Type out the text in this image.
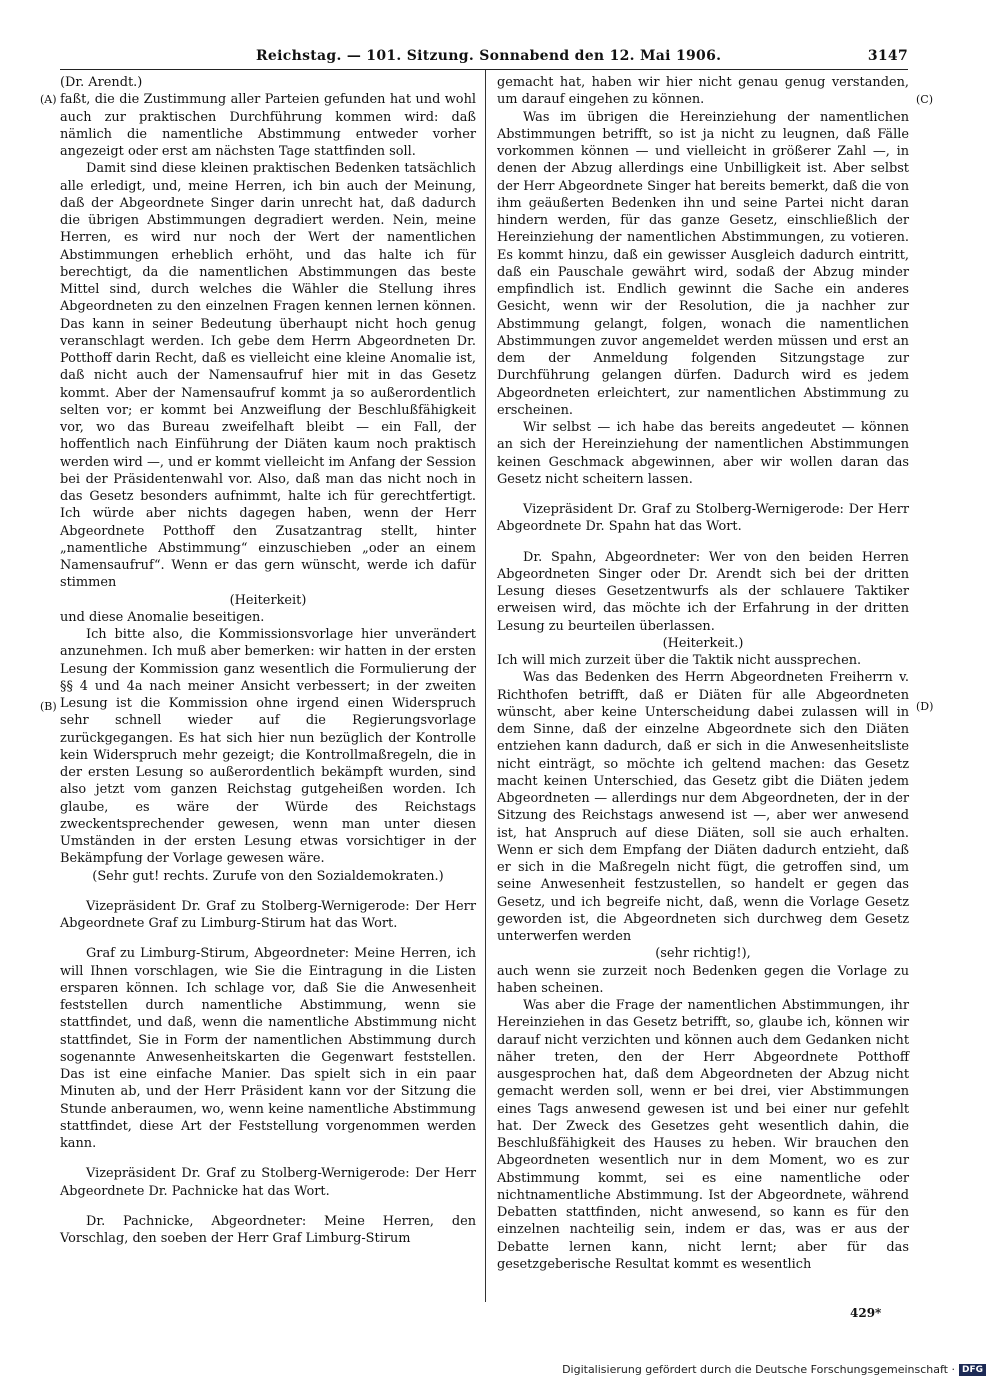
Reichstag. — 101. Sitzung. Sonnabend den 12. Mai 1906.	3147
(A)
(B)
(C)
(D)

(Dr. Arendt.)

faßt, die die Zustimmung aller Parteien gefunden hat und wohl auch zur praktischen Durchführung kommen wird: daß nämlich die namentliche Abstimmung entweder vorher angezeigt oder erst am nächsten Tage stattfinden soll.

Damit sind diese kleinen praktischen Bedenken tatsächlich alle erledigt, und, meine Herren, ich bin auch der Meinung, daß der Abgeordnete Singer darin unrecht hat, daß dadurch die übrigen Abstimmungen degradiert werden. Nein, meine Herren, es wird nur noch der Wert der namentlichen Abstimmungen erheblich erhöht, und das halte ich für berechtigt, da die namentlichen Abstimmungen das beste Mittel sind, durch welches die Wähler die Stellung ihres Abgeordneten zu den einzelnen Fragen kennen lernen können. Das kann in seiner Bedeutung überhaupt nicht hoch genug veranschlagt werden. Ich gebe dem Herrn Abgeordneten Dr. Potthoff darin Recht, daß es vielleicht eine kleine Anomalie ist, daß nicht auch der Namensaufruf hier mit in das Gesetz kommt. Aber der Namensaufruf kommt ja so außerordentlich selten vor; er kommt bei Anzweiflung der Beschlußfähigkeit vor, wo das Bureau zweifelhaft bleibt — ein Fall, der hoffentlich nach Einführung der Diäten kaum noch praktisch werden wird —, und er kommt vielleicht im Anfang der Session bei der Präsidentenwahl vor. Also, daß man das nicht noch in das Gesetz besonders aufnimmt, halte ich für gerechtfertigt. Ich würde aber nichts dagegen haben, wenn der Herr Abgeordnete Potthoff den Zusatzantrag stellt, hinter „namentliche Abstimmung“ einzuschieben „oder an einem Namensaufruf“. Wenn er das gern wünscht, werde ich dafür stimmen

(Heiterkeit)

und diese Anomalie beseitigen.

Ich bitte also, die Kommissionsvorlage hier unverändert anzunehmen. Ich muß aber bemerken: wir hatten in der ersten Lesung der Kommission ganz wesentlich die Formulierung der §§ 4 und 4a nach meiner Ansicht verbessert; in der zweiten Lesung ist die Kommission ohne irgend einen Widerspruch sehr schnell wieder auf die Regierungsvorlage zurückgegangen. Es hat sich hier nun bezüglich der Kontrolle kein Widerspruch mehr gezeigt; die Kontrollmaßregeln, die in der ersten Lesung so außerordentlich bekämpft wurden, sind also jetzt vom ganzen Reichstag gutgeheißen worden. Ich glaube, es wäre der Würde des Reichstags zweckentsprechender gewesen, wenn man unter diesen Umständen in der ersten Lesung etwas vorsichtiger in der Bekämpfung der Vorlage gewesen wäre.

(Sehr gut! rechts. Zurufe von den Sozialdemokraten.)

Vizepräsident Dr. Graf zu Stolberg-Wernigerode: Der Herr Abgeordnete Graf zu Limburg-Stirum hat das Wort.

Graf zu Limburg-Stirum, Abgeordneter: Meine Herren, ich will Ihnen vorschlagen, wie Sie die Eintragung in die Listen ersparen können. Ich schlage vor, daß Sie die Anwesenheit feststellen durch namentliche Abstimmung, wenn sie stattfindet, und daß, wenn die namentliche Abstimmung nicht stattfindet, Sie in Form der namentlichen Abstimmung durch sogenannte Anwesenheitskarten die Gegenwart feststellen. Das ist eine einfache Manier. Das spielt sich in ein paar Minuten ab, und der Herr Präsident kann vor der Sitzung die Stunde anberaumen, wo, wenn keine namentliche Abstimmung stattfindet, diese Art der Feststellung vorgenommen werden kann.

Vizepräsident Dr. Graf zu Stolberg-Wernigerode: Der Herr Abgeordnete Dr. Pachnicke hat das Wort.

Dr. Pachnicke, Abgeordneter: Meine Herren, den Vorschlag, den soeben der Herr Graf Limburg-Stirum

gemacht hat, haben wir hier nicht genau genug verstanden, um darauf eingehen zu können.

Was im übrigen die Hereinziehung der namentlichen Abstimmungen betrifft, so ist ja nicht zu leugnen, daß Fälle vorkommen können — und vielleicht in größerer Zahl —, in denen der Abzug allerdings eine Unbilligkeit ist. Aber selbst der Herr Abgeordnete Singer hat bereits bemerkt, daß die von ihm geäußerten Bedenken ihn und seine Partei nicht daran hindern werden, für das ganze Gesetz, einschließlich der Hereinziehung der namentlichen Abstimmungen, zu votieren. Es kommt hinzu, daß ein gewisser Ausgleich dadurch eintritt, daß ein Pauschale gewährt wird, sodaß der Abzug minder empfindlich ist. Endlich gewinnt die Sache ein anderes Gesicht, wenn wir der Resolution, die ja nachher zur Abstimmung gelangt, folgen, wonach die namentlichen Abstimmungen zuvor angemeldet werden müssen und erst an dem der Anmeldung folgenden Sitzungstage zur Durchführung gelangen dürfen. Dadurch wird es jedem Abgeordneten erleichtert, zur namentlichen Abstimmung zu erscheinen.

Wir selbst — ich habe das bereits angedeutet — können an sich der Hereinziehung der namentlichen Abstimmungen keinen Geschmack abgewinnen, aber wir wollen daran das Gesetz nicht scheitern lassen.

Vizepräsident Dr. Graf zu Stolberg-Wernigerode: Der Herr Abgeordnete Dr. Spahn hat das Wort.

Dr. Spahn, Abgeordneter: Wer von den beiden Herren Abgeordneten Singer oder Dr. Arendt sich bei der dritten Lesung dieses Gesetzentwurfs als der schlauere Taktiker erweisen wird, das möchte ich der Erfahrung in der dritten Lesung zu beurteilen überlassen.

(Heiterkeit.)

Ich will mich zurzeit über die Taktik nicht aussprechen.

Was das Bedenken des Herrn Abgeordneten Freiherrn v. Richthofen betrifft, daß er Diäten für alle Abgeordneten wünscht, aber keine Unterscheidung dabei zulassen will in dem Sinne, daß der einzelne Abgeordnete sich den Diäten entziehen kann dadurch, daß er sich in die Anwesenheitsliste nicht einträgt, so möchte ich geltend machen: das Gesetz macht keinen Unterschied, das Gesetz gibt die Diäten jedem Abgeordneten — allerdings nur dem Abgeordneten, der in der Sitzung des Reichstags anwesend ist —, aber wer anwesend ist, hat Anspruch auf diese Diäten, soll sie auch erhalten. Wenn er sich dem Empfang der Diäten dadurch entzieht, daß er sich in die Maßregeln nicht fügt, die getroffen sind, um seine Anwesenheit festzustellen, so handelt er gegen das Gesetz, und ich begreife nicht, daß, wenn die Vorlage Gesetz geworden ist, die Abgeordneten sich durchweg dem Gesetz unterwerfen werden

(sehr richtig!),

auch wenn sie zurzeit noch Bedenken gegen die Vorlage zu haben scheinen.

Was aber die Frage der namentlichen Abstimmungen, ihr Hereinziehen in das Gesetz betrifft, so, glaube ich, können wir darauf nicht verzichten und können auch dem Gedanken nicht näher treten, den der Herr Abgeordnete Potthoff ausgesprochen hat, daß dem Abgeordneten der Abzug nicht gemacht werden soll, wenn er bei drei, vier Abstimmungen eines Tags anwesend gewesen ist und bei einer nur gefehlt hat. Der Zweck des Gesetzes geht wesentlich dahin, die Beschlußfähigkeit des Hauses zu heben. Wir brauchen den Abgeordneten wesentlich nur in dem Moment, wo es zur Abstimmung kommt, sei es eine namentliche oder nichtnamentliche Abstimmung. Ist der Abgeordnete, während Debatten stattfinden, nicht anwesend, so kann es für den einzelnen nachteilig sein, indem er das, was er aus der Debatte lernen kann, nicht lernt; aber für das gesetzgeberische Resultat kommt es wesentlich

429*
Digitalisierung gefördert durch die Deutsche Forschungsgemeinschaft · DFG
